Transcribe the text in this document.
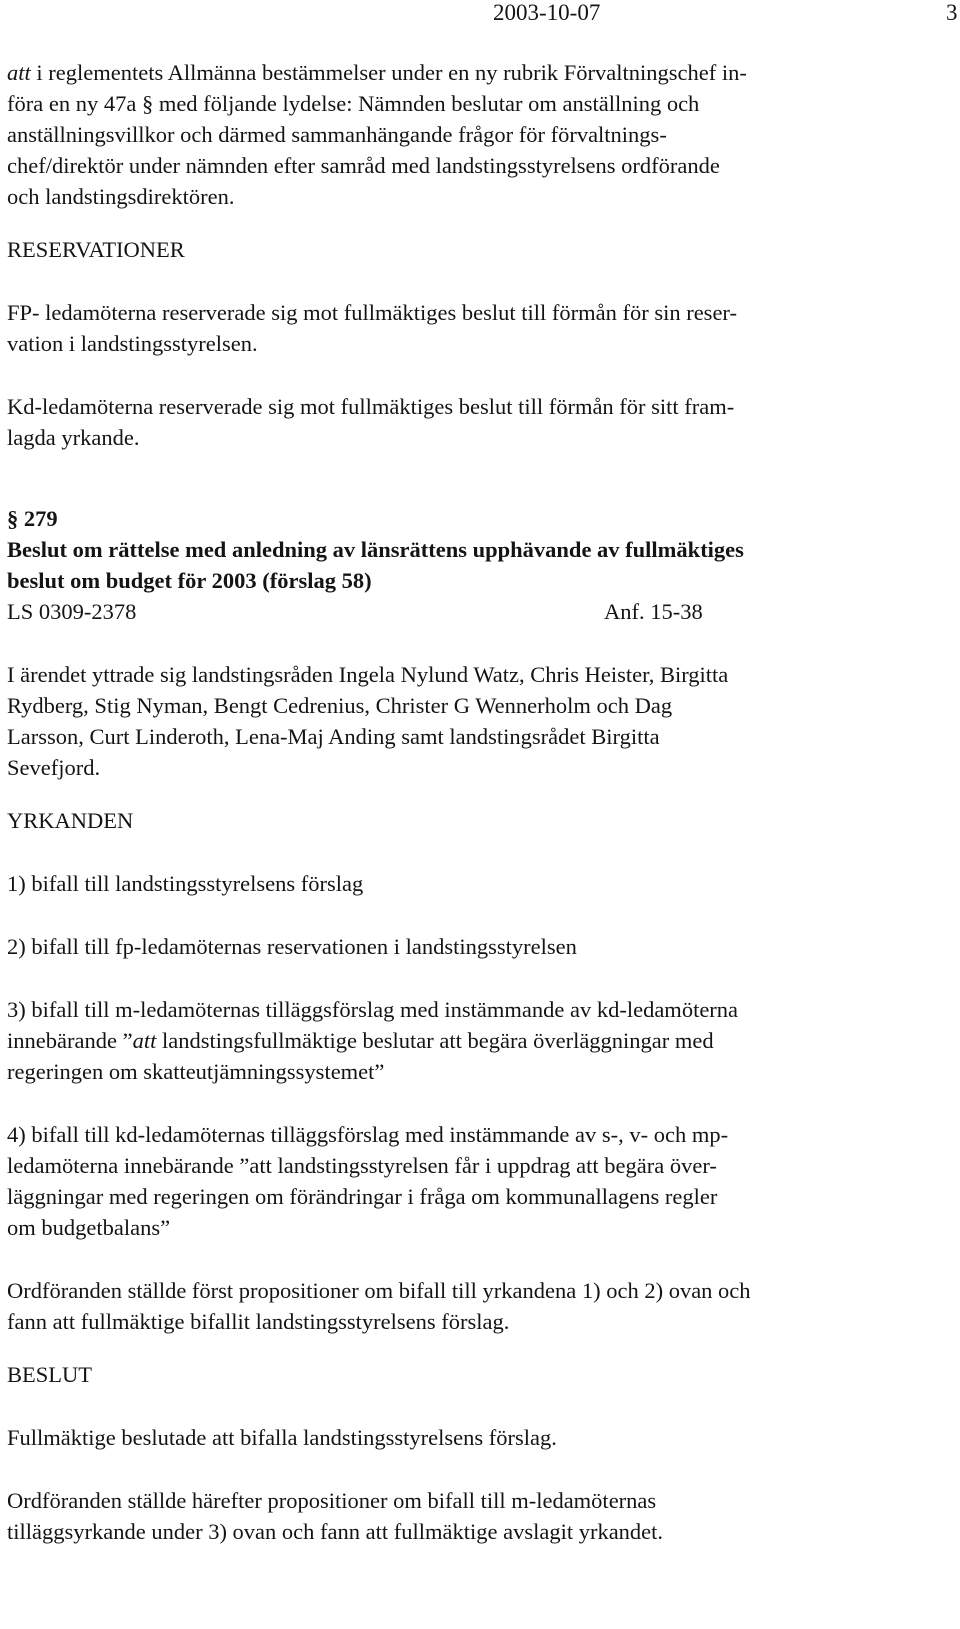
2003-10-07	3

att i reglementets Allmänna bestämmelser under en ny rubrik Förvaltningschef in-
föra en ny 47a § med följande lydelse: Nämnden beslutar om anställning och
anställningsvillkor och därmed sammanhängande frågor för förvaltnings-
chef/direktör under nämnden efter samråd med landstingsstyrelsens ordförande
och landstingsdirektören.

RESERVATIONER

FP- ledamöterna reserverade sig mot fullmäktiges beslut till förmån för sin reser-
vation i landstingsstyrelsen.

Kd-ledamöterna reserverade sig mot fullmäktiges beslut till förmån för sitt fram-
lagda yrkande.

§ 279

Beslut om rättelse med anledning av länsrättens upphävande av fullmäktiges
beslut om budget för 2003 (förslag 58)

LS 0309-2378	Anf. 15-38

I ärendet yttrade sig landstingsråden Ingela Nylund Watz, Chris Heister, Birgitta
Rydberg, Stig Nyman, Bengt Cedrenius, Christer G Wennerholm och Dag
Larsson, Curt Linderoth, Lena-Maj Anding samt landstingsrådet Birgitta
Sevefjord.

YRKANDEN

1) bifall till landstingsstyrelsens förslag

2) bifall till fp-ledamöternas reservationen i landstingsstyrelsen

3) bifall till m-ledamöternas tilläggsförslag med instämmande av kd-ledamöterna
innebärande ”att landstingsfullmäktige beslutar att begära överläggningar med
regeringen om skatteutjämningssystemet”

4) bifall till kd-ledamöternas tilläggsförslag med instämmande av s-, v- och mp-
ledamöterna innebärande ”att landstingsstyrelsen får i uppdrag att begära över-
läggningar med regeringen om förändringar i fråga om kommunallagens regler
om budgetbalans”

Ordföranden ställde först propositioner om bifall till yrkandena 1) och 2) ovan och
fann att fullmäktige bifallit landstingsstyrelsens förslag.

BESLUT

Fullmäktige beslutade att bifalla landstingsstyrelsens förslag.

Ordföranden ställde härefter propositioner om bifall till m-ledamöternas
tilläggsyrkande under 3) ovan och fann att fullmäktige avslagit yrkandet.
